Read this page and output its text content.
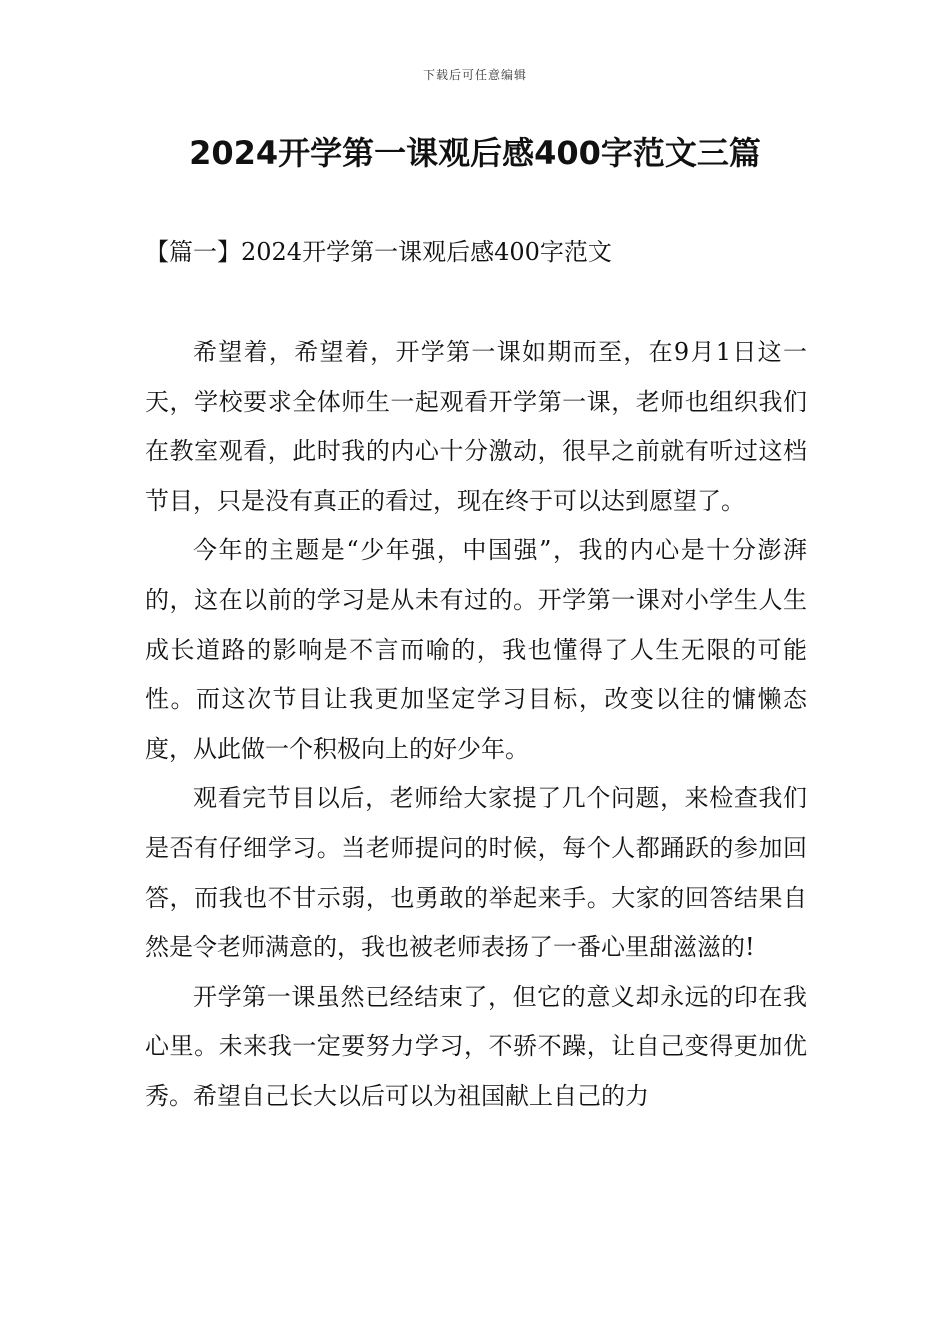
下载后可任意编辑
2024开学第一课观后感400字范文三篇
【篇一】2024开学第一课观后感400字范文

希望着，希望着，开学第一课如期而至，在9月1日这一天，学校要求全体师生一起观看开学第一课，老师也组织我们在教室观看，此时我的内心十分激动，很早之前就有听过这档节目，只是没有真正的看过，现在终于可以达到愿望了。

今年的主题是“少年强，中国强”，我的内心是十分澎湃的，这在以前的学习是从未有过的。开学第一课对小学生人生成长道路的影响是不言而喻的，我也懂得了人生无限的可能性。而这次节目让我更加坚定学习目标，改变以往的慵懒态度，从此做一个积极向上的好少年。

观看完节目以后，老师给大家提了几个问题，来检查我们是否有仔细学习。当老师提问的时候，每个人都踊跃的参加回答，而我也不甘示弱，也勇敢的举起来手。大家的回答结果自然是令老师满意的，我也被老师表扬了一番心里甜滋滋的!

开学第一课虽然已经结束了，但它的意义却永远的印在我心里。未来我一定要努力学习，不骄不躁，让自己变得更加优秀。希望自己长大以后可以为祖国献上自己的力
